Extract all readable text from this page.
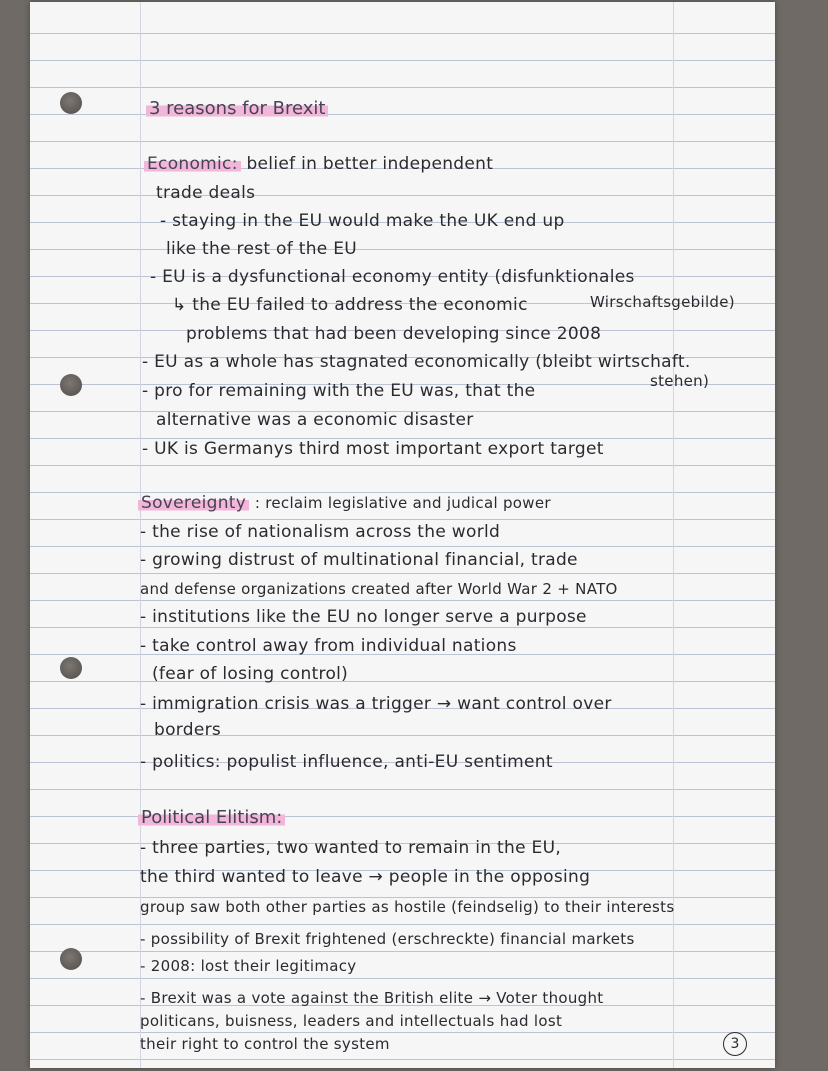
3 reasons for Brexit
Economic: belief in better independent
trade deals
- staying in the EU would make the UK end up
like the rest of the EU
- EU is a dysfunctional economy entity (disfunktionales
↳ the EU failed to address the economic	Wirschaftsgebilde)
problems that had been developing since 2008
- EU as a whole has stagnated economically (bleibt wirtschaft.
stehen)
- pro for remaining with the EU was, that the
alternative was a economic disaster
- UK is Germanys third most important export target
Sovereignty : reclaim legislative and judical power
- the rise of nationalism across the world
- growing distrust of multinational financial, trade
and defense organizations created after World War 2 + NATO
- institutions like the EU no longer serve a purpose
- take control away from individual nations
(fear of losing control)
- immigration crisis was a trigger → want control over
borders
- politics: populist influence, anti-EU sentiment
Political Elitism:
- three parties, two wanted to remain in the EU,
the third wanted to leave → people in the opposing
group saw both other parties as hostile (feindselig) to their interests
- possibility of Brexit frightened (erschreckte) financial markets
- 2008: lost their legitimacy
- Brexit was a vote against the British elite → Voter thought
politicans, buisness, leaders and intellectuals had lost
their right to control the system	3
